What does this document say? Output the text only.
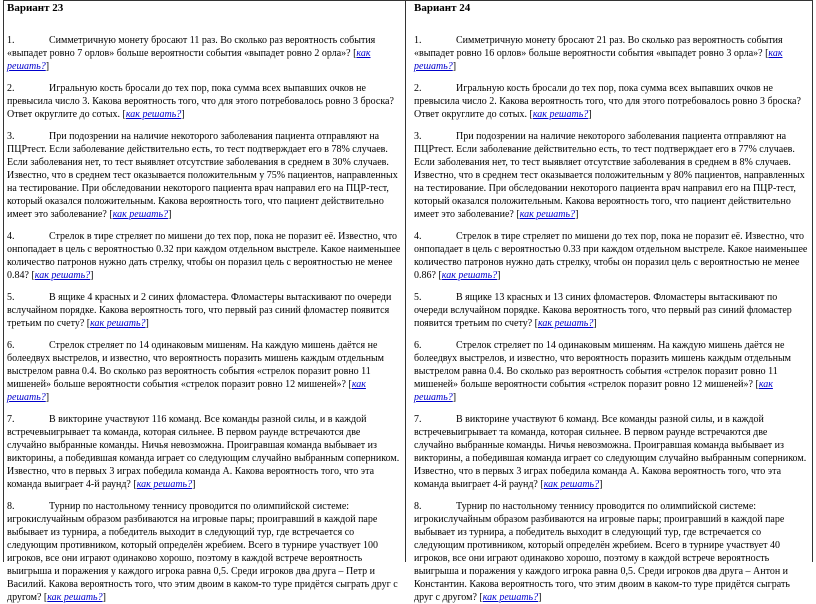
Вариант 23
1.	Симметричную монету бросают 11 раз. Во сколько раз вероятность события «выпадет ровно 7 орлов» больше вероятности события «выпадет ровно 2 орла»? [как решать?]
2.	Игральную кость бросали до тех пор, пока сумма всех выпавших очков не превысила число 3. Какова вероятность того, что для этого потребовалось ровно 3 броска? Ответ округлите до сотых. [как решать?]
3.	При подозрении на наличие некоторого заболевания пациента отправляют на ПЦРтест. Если заболевание действительно есть, то тест подтверждает его в 78% случаев. Если заболевания нет, то тест выявляет отсутствие заболевания в среднем в 30% случаев. Известно, что в среднем тест оказывается положительным у 75% пациентов, направленных на тестирование. При обследовании некоторого пациента врач направил его на ПЦР-тест, который оказался положительным. Какова вероятность того, что пациент действительно имеет это заболевание? [как решать?]
4.	Стрелок в тире стреляет по мишени до тех пор, пока не поразит её. Известно, что онпопадает в цель с вероятностью 0.32 при каждом отдельном выстреле. Какое наименьшее количество патронов нужно дать стрелку, чтобы он поразил цель с вероятностью не менее 0.84? [как решать?]
5.	В ящике 4 красных и 2 синих фломастера. Фломастеры вытаскивают по очереди вслучайном порядке. Какова вероятность того, что первый раз синий фломастер появится третьим по счету? [как решать?]
6.	Стрелок стреляет по 14 одинаковым мишеням. На каждую мишень даётся не болеедвух выстрелов, и известно, что вероятность поразить мишень каждым отдельным выстрелом равна 0.4. Во сколько раз вероятность события «стрелок поразит ровно 11 мишеней» больше вероятности события «стрелок поразит ровно 12 мишеней»? [как решать?]
7.	В викторине участвуют 116 команд. Все команды разной силы, и в каждой встречевыигрывает та команда, которая сильнее. В первом раунде встречаются две случайно выбранные команды. Ничья невозможна. Проигравшая команда выбывает из викторины, а победившая команда играет со следующим случайно выбранным соперником. Известно, что в первых 3 играх победила команда А. Какова вероятность того, что эта команда выиграет 4-й раунд? [как решать?]
8.	Турнир по настольному теннису проводится по олимпийской системе: игрокислучайным образом разбиваются на игровые пары; проигравший в каждой паре выбывает из турнира, а победитель выходит в следующий тур, где встречается со следующим противником, который определён жребием. Всего в турнире участвует 100 игроков, все они играют одинаково хорошо, поэтому в каждой встрече вероятность выигрыша и поражения у каждого игрока равна 0,5. Среди игроков два друга – Петр и Василий. Какова вероятность того, что этим двоим в каком-то туре придётся сыграть друг с другом? [как решать?]
Вариант 24
1.	Симметричную монету бросают 21 раз. Во сколько раз вероятность события «выпадет ровно 16 орлов» больше вероятности события «выпадет ровно 3 орла»? [как решать?]
2.	Игральную кость бросали до тех пор, пока сумма всех выпавших очков не превысила число 2. Какова вероятность того, что для этого потребовалось ровно 3 броска? Ответ округлите до сотых. [как решать?]
3.	При подозрении на наличие некоторого заболевания пациента отправляют на ПЦРтест. Если заболевание действительно есть, то тест подтверждает его в 77% случаев. Если заболевания нет, то тест выявляет отсутствие заболевания в среднем в 8% случаев. Известно, что в среднем тест оказывается положительным у 80% пациентов, направленных на тестирование. При обследовании некоторого пациента врач направил его на ПЦР-тест, который оказался положительным. Какова вероятность того, что пациент действительно имеет это заболевание? [как решать?]
4.	Стрелок в тире стреляет по мишени до тех пор, пока не поразит её. Известно, что онпопадает в цель с вероятностью 0.33 при каждом отдельном выстреле. Какое наименьшее количество патронов нужно дать стрелку, чтобы он поразил цель с вероятностью не менее 0.86? [как решать?]
5.	В ящике 13 красных и 13 синих фломастеров. Фломастеры вытаскивают по очереди вслучайном порядке. Какова вероятность того, что первый раз синий фломастер появится третьим по счету? [как решать?]
6.	Стрелок стреляет по 14 одинаковым мишеням. На каждую мишень даётся не болеедвух выстрелов, и известно, что вероятность поразить мишень каждым отдельным выстрелом равна 0.4. Во сколько раз вероятность события «стрелок поразит ровно 11 мишеней» больше вероятности события «стрелок поразит ровно 12 мишеней»? [как решать?]
7.	В викторине участвуют 6 команд. Все команды разной силы, и в каждой встречевыигрывает та команда, которая сильнее. В первом раунде встречаются две случайно выбранные команды. Ничья невозможна. Проигравшая команда выбывает из викторины, а победившая команда играет со следующим случайно выбранным соперником. Известно, что в первых 3 играх победила команда А. Какова вероятность того, что эта команда выиграет 4-й раунд? [как решать?]
8.	Турнир по настольному теннису проводится по олимпийской системе: игрокислучайным образом разбиваются на игровые пары; проигравший в каждой паре выбывает из турнира, а победитель выходит в следующий тур, где встречается со следующим противником, который определён жребием. Всего в турнире участвует 40 игроков, все они играют одинаково хорошо, поэтому в каждой встрече вероятность выигрыша и поражения у каждого игрока равна 0,5. Среди игроков два друга – Антон и Константин. Какова вероятность того, что этим двоим в каком-то туре придётся сыграть друг с другом? [как решать?]
